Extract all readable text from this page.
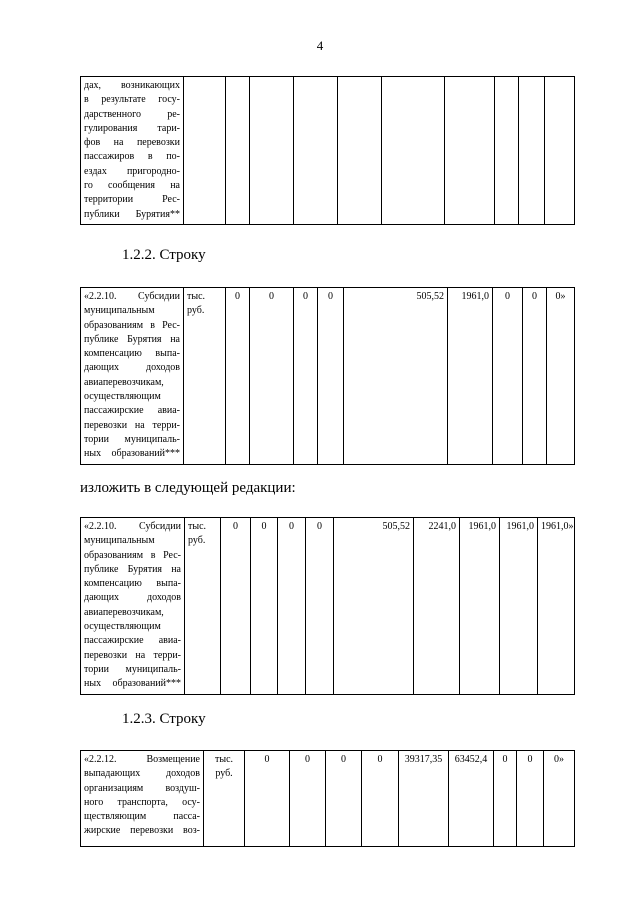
4
дах, возникающих
в результате госу-
дарственного ре-
гулирования тари-
фов на перевозки
пассажиров в по-
ездах пригородно-
го сообщения на
территории Рес-
публики Бурятия**										
1.2.2. Строку
«2.2.10. Субсидии
муниципальным
образованиям в Рес-
публике Бурятия на
компенсацию выпа-
дающих доходов
авиаперевозчикам,
осуществляющим
пассажирские авиа-
перевозки на терри-
тории муниципаль-
ных образований***	тыс.
руб.	0	0	0	0	505,52	1961,0	0	0	0»
изложить в следующей редакции:
«2.2.10. Субсидии
муниципальным
образованиям в Рес-
публике Бурятия на
компенсацию выпа-
дающих доходов
авиаперевозчикам,
осуществляющим
пассажирские авиа-
перевозки на терри-
тории муниципаль-
ных образований***	тыс.
руб.	0	0	0	0	505,52	2241,0	1961,0	1961,0	1961,0»
1.2.3. Строку
«2.2.12. Возмещение
выпадающих доходов
организациям воздуш-
ного транспорта, осу-
ществляющим пасса-
жирские перевозки воз-	тыс.
руб.	0	0	0	0	39317,35	63452,4	0	0	0»
